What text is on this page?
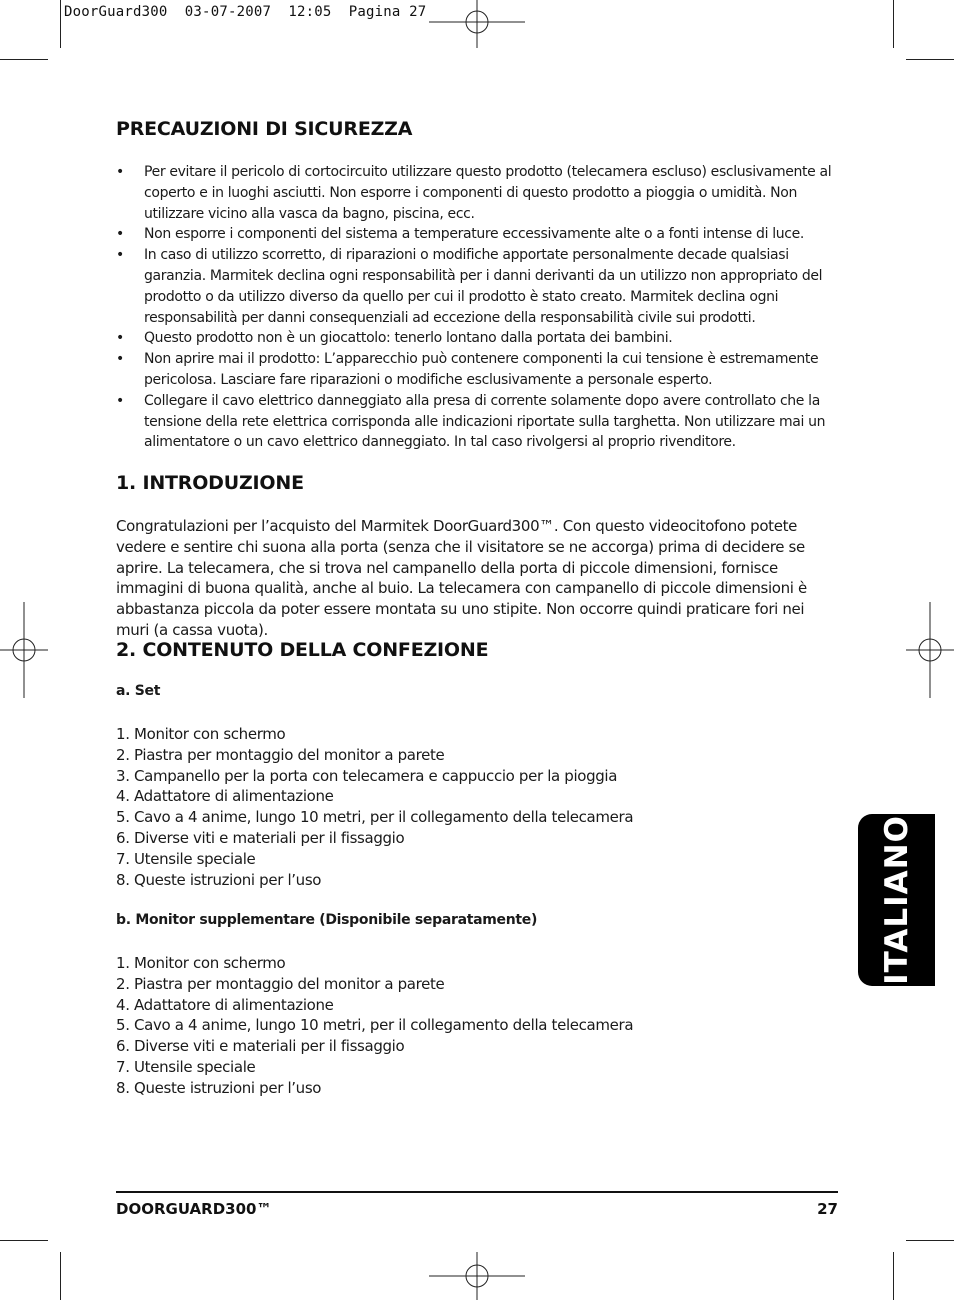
DoorGuard300  03-07-2007  12:05  Pagina 27
PRECAUZIONI DI SICUREZZA
• Per evitare il pericolo di cortocircuito utilizzare questo prodotto (telecamera escluso) esclusivamente al coperto e in luoghi asciutti. Non esporre i componenti di questo prodotto a pioggia o umidità. Non utilizzare vicino alla vasca da bagno, piscina, ecc.
• Non esporre i componenti del sistema a temperature eccessivamente alte o a fonti intense di luce.
• In caso di utilizzo scorretto, di riparazioni o modifiche apportate personalmente decade qualsiasi garanzia. Marmitek declina ogni responsabilità per i danni derivanti da un utilizzo non appropriato del prodotto o da utilizzo diverso da quello per cui il prodotto è stato creato. Marmitek declina ogni responsabilità per danni consequenziali ad eccezione della responsabilità civile sui prodotti.
• Questo prodotto non è un giocattolo: tenerlo lontano dalla portata dei bambini.
• Non aprire mai il prodotto: L’apparecchio può contenere componenti la cui tensione è estremamente pericolosa. Lasciare fare riparazioni o modifiche esclusivamente a personale esperto.
• Collegare il cavo elettrico danneggiato alla presa di corrente solamente dopo avere controllato che la tensione della rete elettrica corrisponda alle indicazioni riportate sulla targhetta. Non utilizzare mai un alimentatore o un cavo elettrico danneggiato. In tal caso rivolgersi al proprio rivenditore.
1. INTRODUZIONE

Congratulazioni per l’acquisto del Marmitek DoorGuard300™. Con questo videocitofono potete vedere e sentire chi suona alla porta (senza che il visitatore se ne accorga) prima di decidere se aprire. La telecamera, che si trova nel campanello della porta di piccole dimensioni, fornisce immagini di buona qualità, anche al buio. La telecamera con campanello di piccole dimensioni è abbastanza piccola da poter essere montata su uno stipite. Non occorre quindi praticare fori nei muri (a cassa vuota).

2. CONTENUTO DELLA CONFEZIONE
a. Set
1. Monitor con schermo
2. Piastra per montaggio del monitor a parete
3. Campanello per la porta con telecamera e cappuccio per la pioggia
4. Adattatore di alimentazione
5. Cavo a 4 anime, lungo 10 metri, per il collegamento della telecamera
6. Diverse viti e materiali per il fissaggio
7. Utensile speciale
8. Queste istruzioni per l’uso
b. Monitor supplementare (Disponibile separatamente)
1. Monitor con schermo
2. Piastra per montaggio del monitor a parete
4. Adattatore di alimentazione
5. Cavo a 4 anime, lungo 10 metri, per il collegamento della telecamera
6. Diverse viti e materiali per il fissaggio
7. Utensile speciale
8. Queste istruzioni per l’uso
ITALIANO
DOORGUARD300™	27
